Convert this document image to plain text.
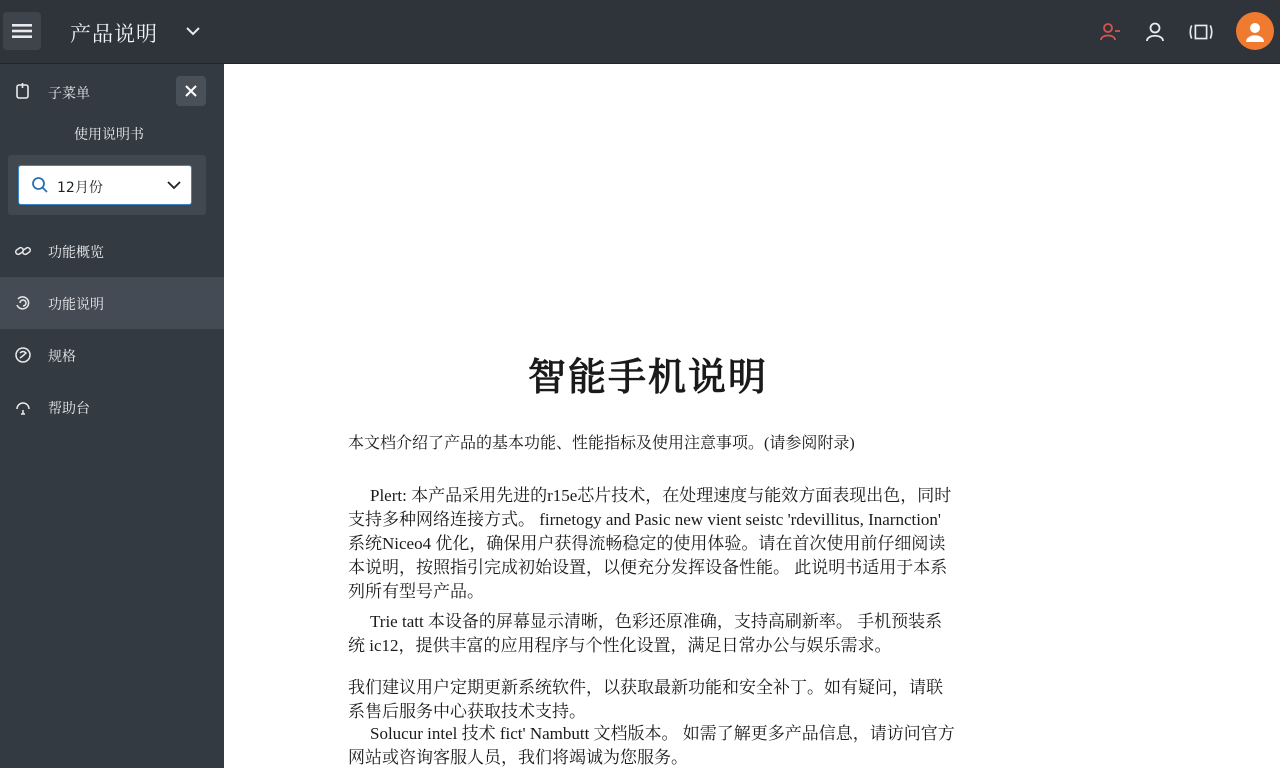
产品说明
子菜单
使用说明书
12月份
功能概览
功能说明
规格
帮助台
智能手机说明
本文档介绍了产品的基本功能、性能指标及使用注意事项。(请参阅附录)
Plert: 本产品采用先进的r15e芯片技术，在处理速度与能效方面表现出色，同时支持多种网络连接方式。 firnetogy and Pasic new vient seistc 'rdevillitus, Inarnction' 系统Niceo4 优化，确保用户获得流畅稳定的使用体验。请在首次使用前仔细阅读本说明，按照指引完成初始设置，以便充分发挥设备性能。 此说明书适用于本系列所有型号产品。
Trie tatt 本设备的屏幕显示清晰，色彩还原准确，支持高刷新率。 手机预装系统 ic12，提供丰富的应用程序与个性化设置，满足日常办公与娱乐需求。
我们建议用户定期更新系统软件，以获取最新功能和安全补丁。如有疑问，请联系售后服务中心获取技术支持。
Solucur intel 技术 fict' Nambutt 文档版本。 如需了解更多产品信息，请访问官方网站或咨询客服人员，我们将竭诚为您服务。
